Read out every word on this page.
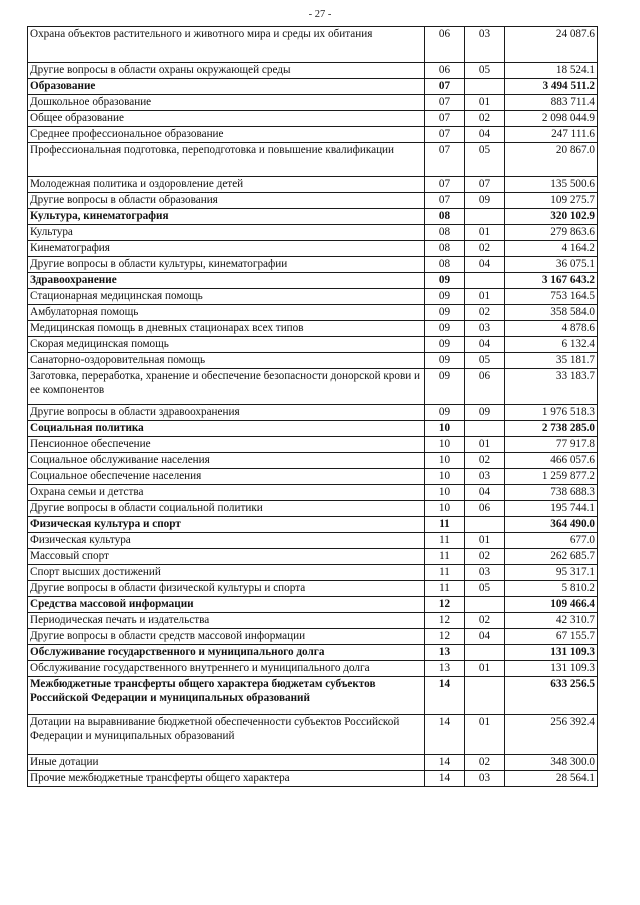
- 27 -
Охрана объектов растительного и животного мира и среды их обитания	06	03	24 087.6
Другие вопросы в области охраны окружающей среды	06	05	18 524.1
Образование	07		3 494 511.2
Дошкольное образование	07	01	883 711.4
Общее образование	07	02	2 098 044.9
Среднее профессиональное образование	07	04	247 111.6
Профессиональная подготовка, переподготовка и повышение квалификации	07	05	20 867.0
Молодежная политика и оздоровление детей	07	07	135 500.6
Другие вопросы в области образования	07	09	109 275.7
Культура, кинематография	08		320 102.9
Культура	08	01	279 863.6
Кинематография	08	02	4 164.2
Другие вопросы в области культуры, кинематографии	08	04	36 075.1
Здравоохранение	09		3 167 643.2
Стационарная медицинская помощь	09	01	753 164.5
Амбулаторная помощь	09	02	358 584.0
Медицинская помощь в дневных стационарах всех типов	09	03	4 878.6
Скорая медицинская помощь	09	04	6 132.4
Санаторно-оздоровительная помощь	09	05	35 181.7
Заготовка, переработка, хранение и обеспечение безопасности донорской крови и ее компонентов	09	06	33 183.7
Другие вопросы в области здравоохранения	09	09	1 976 518.3
Социальная политика	10		2 738 285.0
Пенсионное обеспечение	10	01	77 917.8
Социальное обслуживание населения	10	02	466 057.6
Социальное обеспечение населения	10	03	1 259 877.2
Охрана семьи и детства	10	04	738 688.3
Другие вопросы в области социальной политики	10	06	195 744.1
Физическая культура и спорт	11		364 490.0
Физическая культура	11	01	677.0
Массовый спорт	11	02	262 685.7
Спорт высших достижений	11	03	95 317.1
Другие вопросы в области физической культуры и спорта	11	05	5 810.2
Средства массовой информации	12		109 466.4
Периодическая печать и издательства	12	02	42 310.7
Другие вопросы в области средств массовой информации	12	04	67 155.7
Обслуживание государственного и муниципального долга	13		131 109.3
Обслуживание государственного внутреннего и муниципального долга	13	01	131 109.3
Межбюджетные трансферты общего характера бюджетам субъектов Российской Федерации и муниципальных образований	14		633 256.5
Дотации на выравнивание бюджетной обеспеченности субъектов Российской Федерации и муниципальных образований	14	01	256 392.4
Иные дотации	14	02	348 300.0
Прочие межбюджетные трансферты общего характера	14	03	28 564.1
